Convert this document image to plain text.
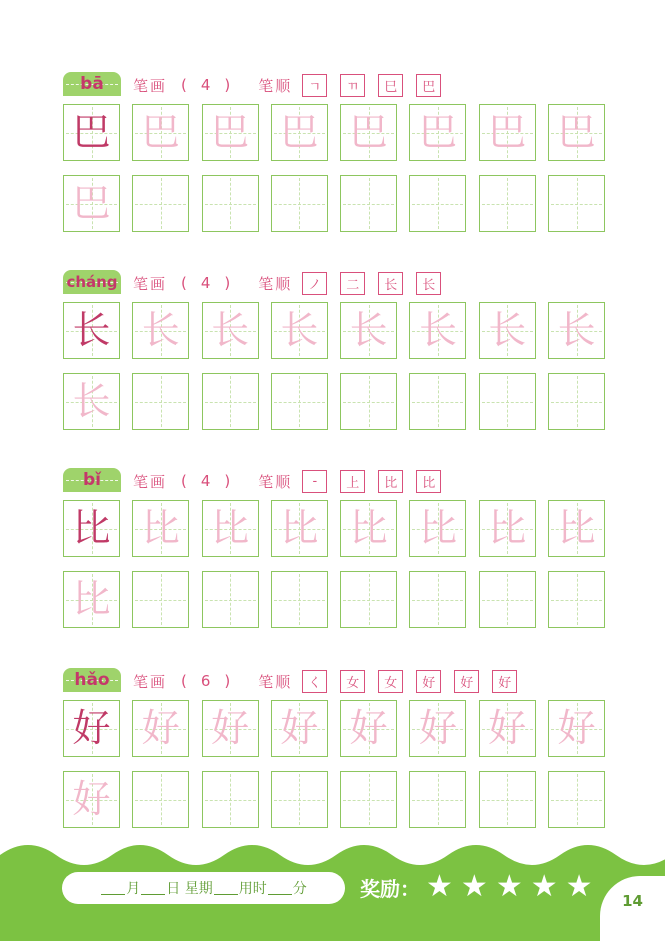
bā	笔画 ( 4 ) 笔顺	ㄱ	ㄲ	巳	巴
巴 巴 巴 巴 巴 巴 巴 巴
巴
cháng 笔画 ( 4 ) 笔顺	ノ	二	长	长
长 长 长 长 长 长 长 长
长
bǐ	笔画 ( 4 ) 笔顺	-	上	比	比
比 比 比 比 比 比 比 比
比
hǎo	笔画 ( 6 ) 笔顺	く	女	女	好	好	好
好 好 好 好 好 好 好 好
好
月 日
星期 用时 分	奖励： ★ ★ ★ ★ ★	14
